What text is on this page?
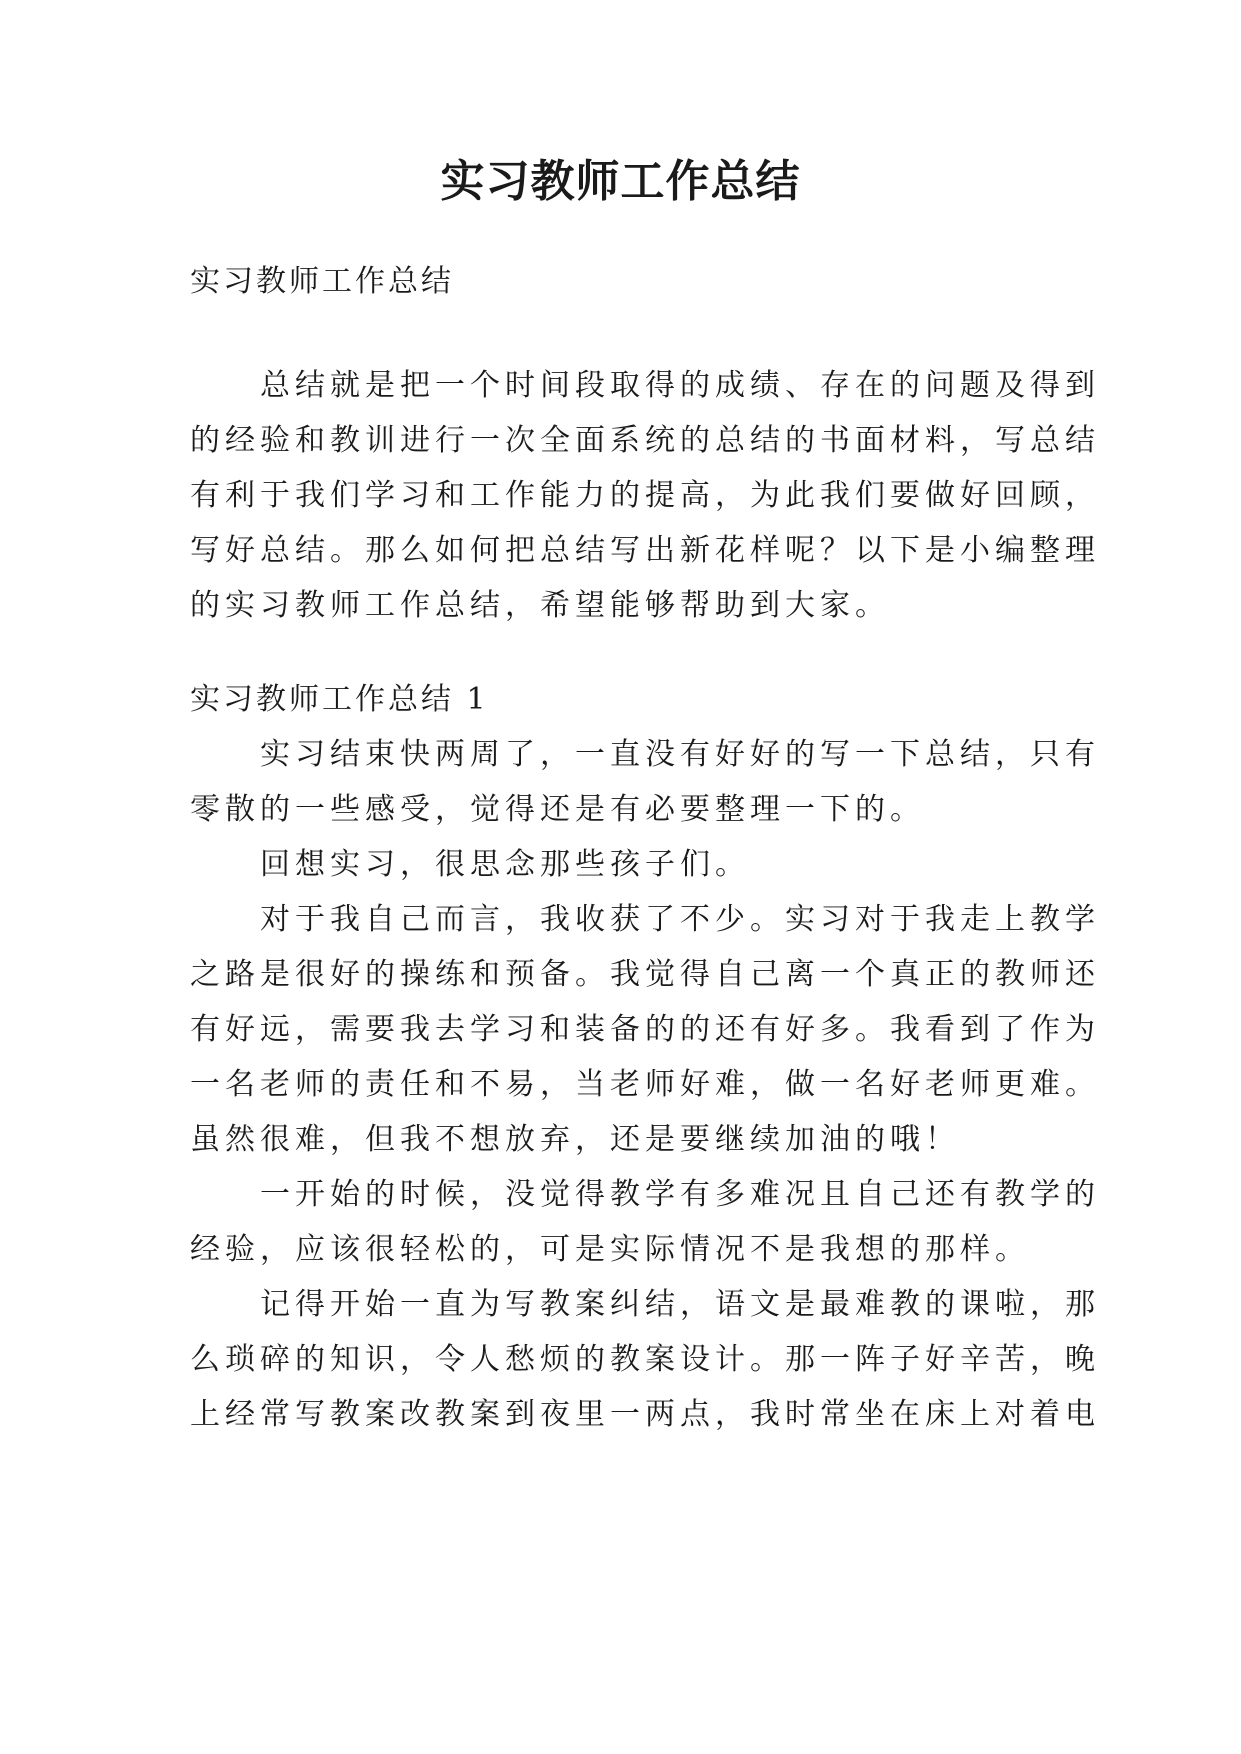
实习教师工作总结

实习教师工作总结

　　总结就是把一个时间段取得的成绩、存在的问题及得到

的经验和教训进行一次全面系统的总结的书面材料，写总结

有利于我们学习和工作能力的提高，为此我们要做好回顾，

写好总结。那么如何把总结写出新花样呢？以下是小编整理

的实习教师工作总结，希望能够帮助到大家。

实习教师工作总结 1

　　实习结束快两周了，一直没有好好的写一下总结，只有

零散的一些感受，觉得还是有必要整理一下的。

　　回想实习，很思念那些孩子们。

　　对于我自己而言，我收获了不少。实习对于我走上教学

之路是很好的操练和预备。我觉得自己离一个真正的教师还

有好远，需要我去学习和装备的的还有好多。我看到了作为

一名老师的责任和不易，当老师好难，做一名好老师更难。

虽然很难，但我不想放弃，还是要继续加油的哦！

　　一开始的时候，没觉得教学有多难况且自己还有教学的

经验，应该很轻松的，可是实际情况不是我想的那样。

　　记得开始一直为写教案纠结，语文是最难教的课啦，那

么琐碎的知识，令人愁烦的教案设计。那一阵子好辛苦，晚

上经常写教案改教案到夜里一两点，我时常坐在床上对着电
